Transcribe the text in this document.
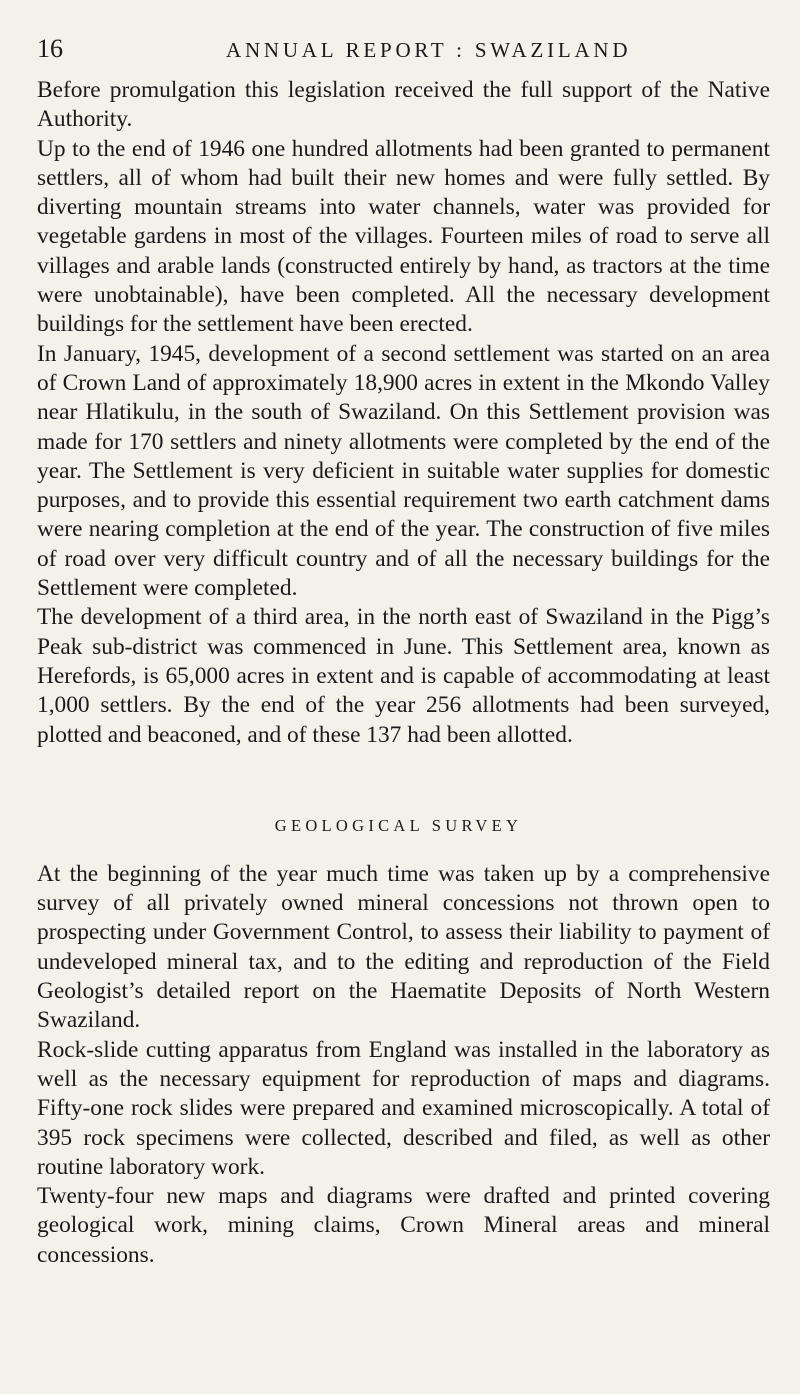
16	ANNUAL REPORT : SWAZILAND

Before promulgation this legislation received the full support of the Native Authority.

Up to the end of 1946 one hundred allotments had been granted to permanent settlers, all of whom had built their new homes and were fully settled. By diverting mountain streams into water channels, water was provided for vegetable gardens in most of the villages. Fourteen miles of road to serve all villages and arable lands (constructed entirely by hand, as tractors at the time were unobtainable), have been completed. All the necessary development buildings for the settlement have been erected.

In January, 1945, development of a second settlement was started on an area of Crown Land of approximately 18,900 acres in extent in the Mkondo Valley near Hlatikulu, in the south of Swaziland. On this Settlement provision was made for 170 settlers and ninety allotments were completed by the end of the year. The Settlement is very deficient in suitable water supplies for domestic purposes, and to provide this essential requirement two earth catchment dams were nearing completion at the end of the year. The construction of five miles of road over very difficult country and of all the necessary buildings for the Settlement were completed.

The development of a third area, in the north east of Swaziland in the Pigg’s Peak sub-district was commenced in June. This Settlement area, known as Herefords, is 65,000 acres in extent and is capable of accommodating at least 1,000 settlers. By the end of the year 256 allotments had been surveyed, plotted and beaconed, and of these 137 had been allotted.

GEOLOGICAL SURVEY

At the beginning of the year much time was taken up by a comprehensive survey of all privately owned mineral concessions not thrown open to prospecting under Government Control, to assess their liability to payment of undeveloped mineral tax, and to the editing and reproduction of the Field Geologist’s detailed report on the Haematite Deposits of North Western Swaziland.

Rock-slide cutting apparatus from England was installed in the laboratory as well as the necessary equipment for reproduction of maps and diagrams. Fifty-one rock slides were prepared and examined microscopically. A total of 395 rock specimens were collected, described and filed, as well as other routine laboratory work.

Twenty-four new maps and diagrams were drafted and printed covering geological work, mining claims, Crown Mineral areas and mineral concessions.
